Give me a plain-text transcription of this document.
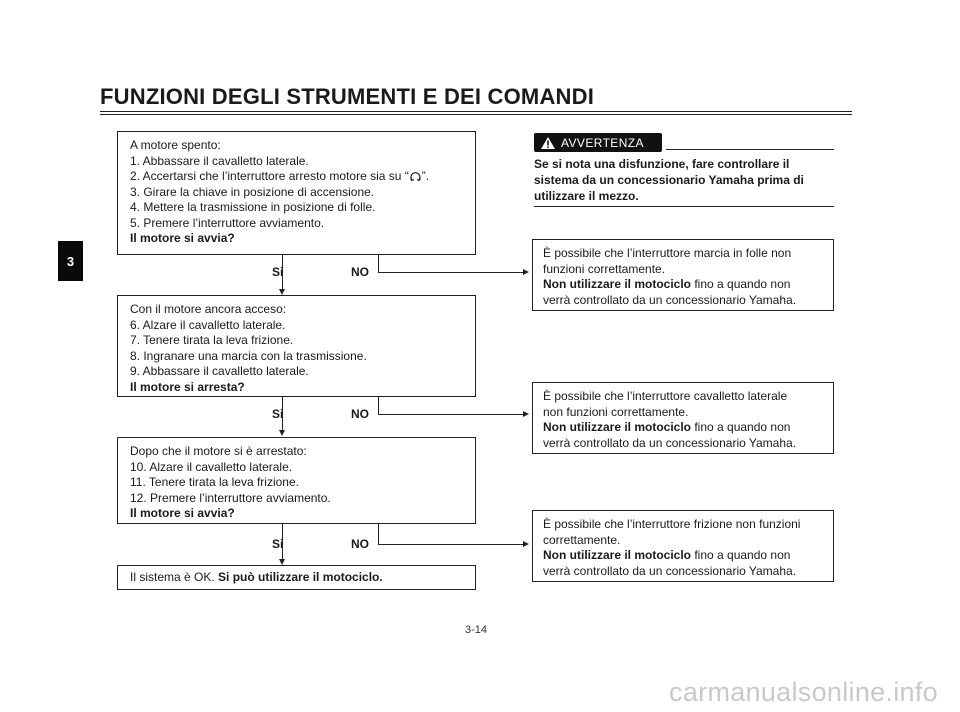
FUNZIONI DEGLI STRUMENTI E DEI COMANDI
3
A motore spento:
1. Abbassare il cavalletto laterale.
2. Accertarsi che l’interruttore arresto motore sia su “ ”.
3. Girare la chiave in posizione di accensione.
4. Mettere la trasmissione in posizione di folle.
5. Premere l’interruttore avviamento.
Il motore si avvia?
Si	NO
Con il motore ancora acceso:
6. Alzare il cavalletto laterale.
7. Tenere tirata la leva frizione.
8. Ingranare una marcia con la trasmissione.
9. Abbassare il cavalletto laterale.
Il motore si arresta?
Si	NO
Dopo che il motore si è arrestato:
10. Alzare il cavalletto laterale.
11. Tenere tirata la leva frizione.
12. Premere l’interruttore avviamento.
Il motore si avvia?
Si	NO
Il sistema è OK. Si può utilizzare il motociclo.
AVVERTENZA
Se si nota una disfunzione, fare controllare il
sistema da un concessionario Yamaha prima di
utilizzare il mezzo.
È possibile che l’interruttore marcia in folle non
funzioni correttamente.
Non utilizzare il motociclo fino a quando non
verrà controllato da un concessionario Yamaha.
È possibile che l’interruttore cavalletto laterale
non funzioni correttamente.
Non utilizzare il motociclo fino a quando non
verrà controllato da un concessionario Yamaha.
È possibile che l’interruttore frizione non funzioni
correttamente.
Non utilizzare il motociclo fino a quando non
verrà controllato da un concessionario Yamaha.
3-14
carmanualsonline.info
